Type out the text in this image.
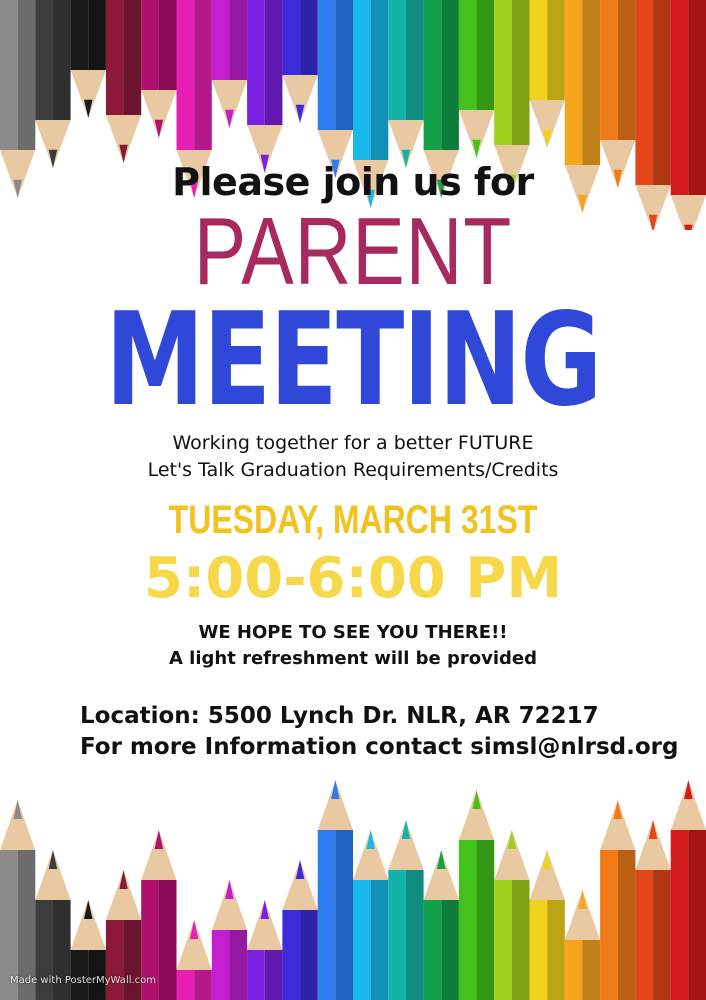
Please join us for
PARENT
MEETING
Working together for a better FUTURE
Let's Talk Graduation Requirements/Credits
TUESDAY, MARCH 31ST
5:00-6:00 PM
WE HOPE TO SEE YOU THERE!!
A light refreshment will be provided
Location: 5500 Lynch Dr. NLR, AR 72217
For more Information contact simsl@nlrsd.org
Made with PosterMyWall.com
